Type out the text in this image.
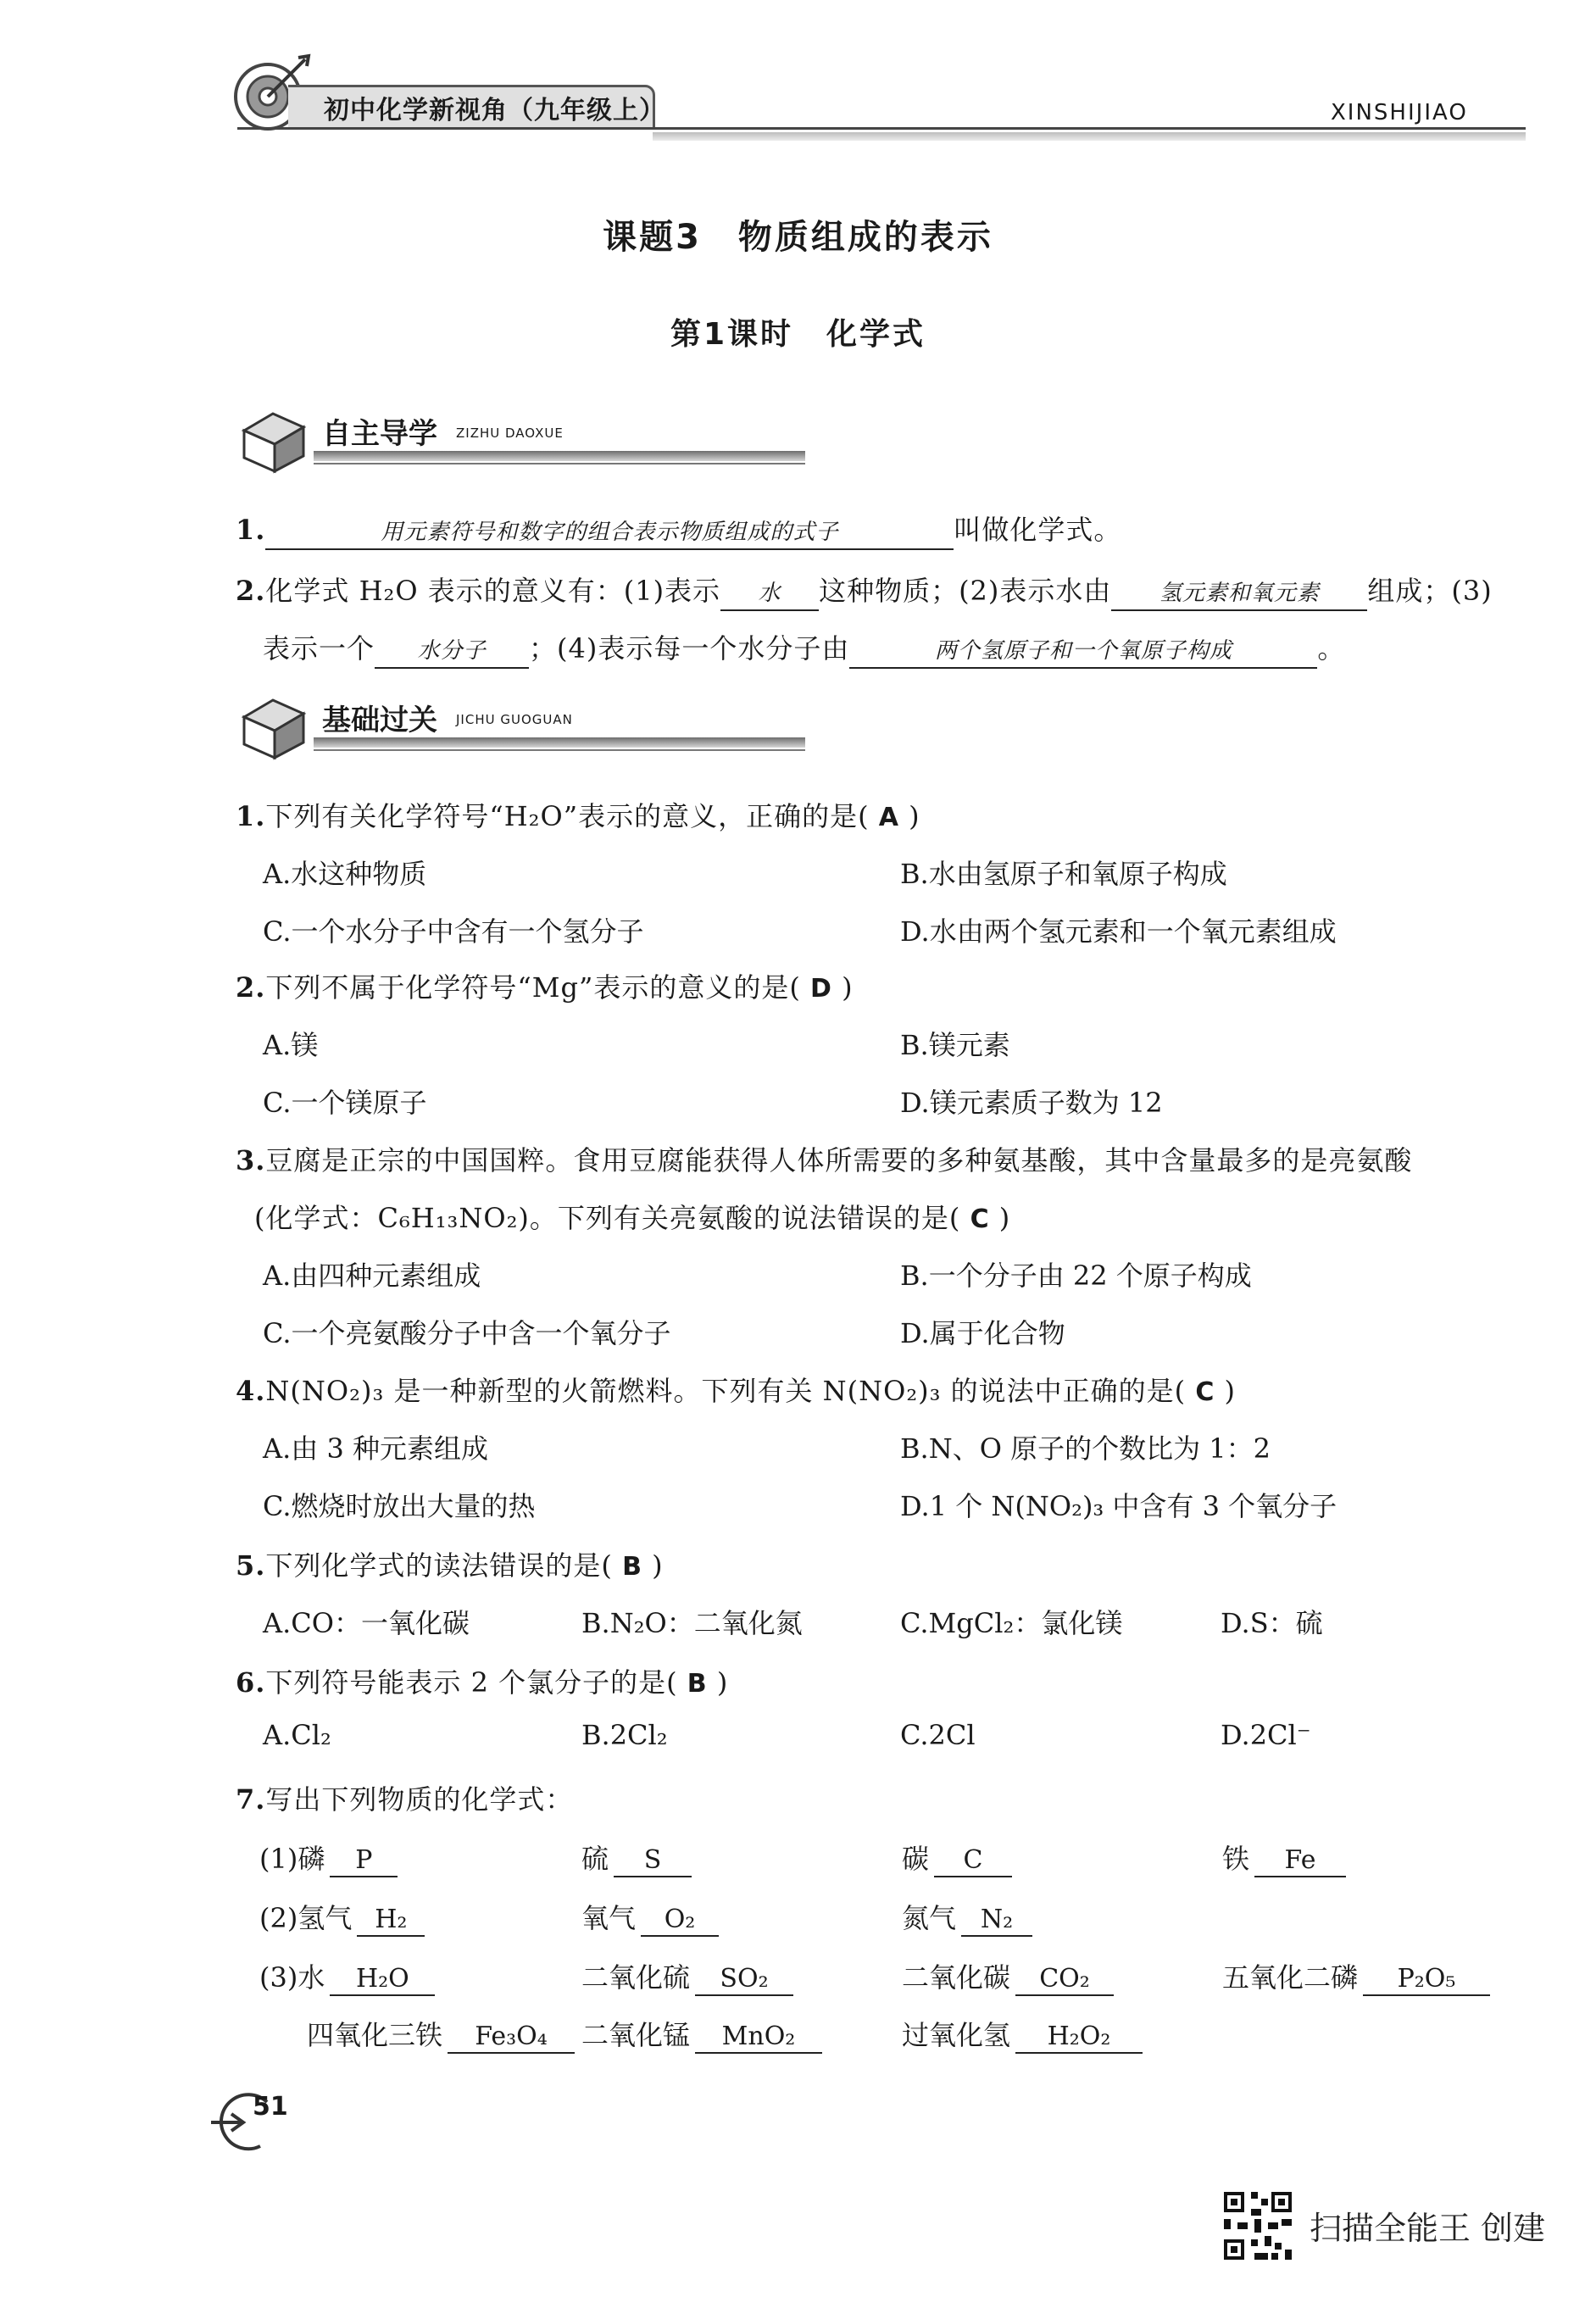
初中化学新视角（九年级上）	XINSHIJIAO
课题3　物质组成的表示
第1课时　化学式
自主导学 ZIZHU DAOXUE
1.	用元素符号和数字的组合表示物质组成的式子	叫做化学式。
2.化学式 H₂O 表示的意义有：(1)表示 水 这种物质；(2)表示水由 氢元素和氧元素 组成；(3)
表示一个 水分子 ；(4)表示每一个水分子由	两个氢原子和一个氧原子构成	。
基础过关 JICHU GUOGUAN
1.下列有关化学符号“H₂O”表示的意义，正确的是( A )
A.水这种物质	B.水由氢原子和氧原子构成
C.一个水分子中含有一个氢分子	D.水由两个氢元素和一个氧元素组成
2.下列不属于化学符号“Mg”表示的意义的是( D )
A.镁	B.镁元素
C.一个镁原子	D.镁元素质子数为 12
3.豆腐是正宗的中国国粹。食用豆腐能获得人体所需要的多种氨基酸，其中含量最多的是亮氨酸
(化学式：C₆H₁₃NO₂)。下列有关亮氨酸的说法错误的是( C )
A.由四种元素组成	B.一个分子由 22 个原子构成
C.一个亮氨酸分子中含一个氧分子	D.属于化合物
4.N(NO₂)₃ 是一种新型的火箭燃料。下列有关 N(NO₂)₃ 的说法中正确的是( C )
A.由 3 种元素组成	B.N、O 原子的个数比为 1：2
C.燃烧时放出大量的热	D.1 个 N(NO₂)₃ 中含有 3 个氧分子
5.下列化学式的读法错误的是( B )
A.CO：一氧化碳	B.N₂O：二氧化氮	C.MgCl₂：氯化镁	D.S：硫
6.下列符号能表示 2 个氯分子的是( B )
A.Cl₂	B.2Cl₂	C.2Cl	D.2Cl⁻
7.写出下列物质的化学式：
(1)磷 P	硫 S	碳 C	铁 Fe
(2)氢气 H₂	氧气 O₂	氮气 N₂
(3)水 H₂O	二氧化硫 SO₂	二氧化碳 CO₂	五氧化二磷 P₂O₅
四氧化三铁 Fe₃O₄	二氧化锰 MnO₂	过氧化氢 H₂O₂
51
扫描全能王 创建
